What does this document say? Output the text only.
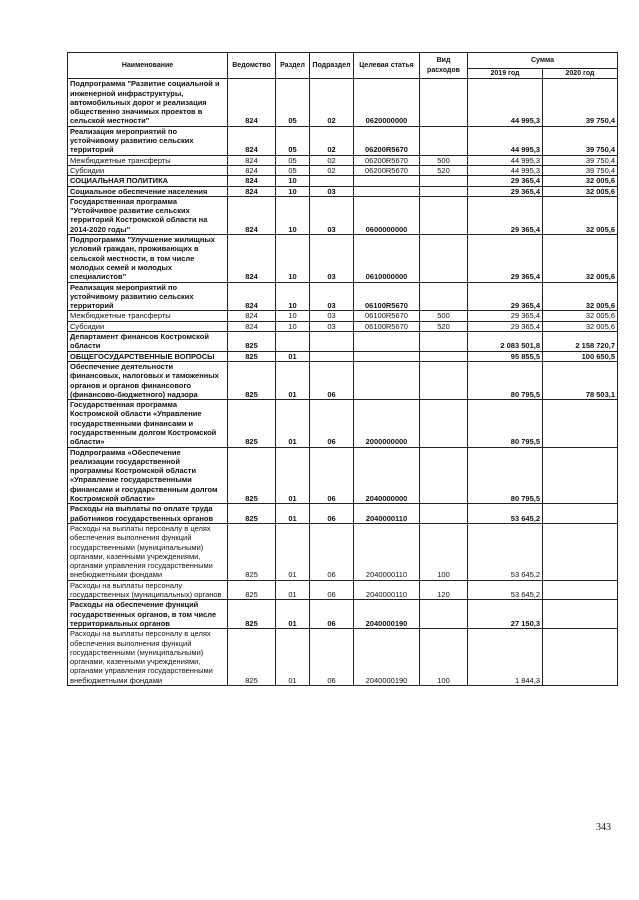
Наименование	Ведомство	Раздел	Подраздел	Целевая статья	Вид расходов	Сумма	
						2019 год	2020 год
Подпрограмма "Развитие социальной и инженерной инфраструктуры, автомобильных дорог и реализация общественно значимых проектов в сельской местности"	824	05	02	0620000000		44 995,3	39 750,4
Реализация мероприятий по устойчивому развитию сельских территорий	824	05	02	06200R5670		44 995,3	39 750,4
Межбюджетные трансферты	824	05	02	06200R5670	500	44 995,3	39 750,4
Субсидии	824	05	02	06200R5670	520	44 995,3	39 750,4
СОЦИАЛЬНАЯ ПОЛИТИКА	824	10				29 365,4	32 005,6
Социальное обеспечение населения	824	10	03			29 365,4	32 005,6
Государственная программа "Устойчивое развитие сельских территорий Костромской области на 2014-2020 годы"	824	10	03	0600000000		29 365,4	32 005,6
Подпрограмма "Улучшение жилищных условий граждан, проживающих в сельской местности, в том числе молодых семей и молодых специалистов"	824	10	03	0610000000		29 365,4	32 005,6
Реализация мероприятий по устойчивому развитию сельских территорий	824	10	03	06100R5670		29 365,4	32 005,6
Межбюджетные трансферты	824	10	03	06100R5670	500	29 365,4	32 005,6
Субсидии	824	10	03	06100R5670	520	29 365,4	32 005,6
Департамент финансов Костромской области	825					2 083 501,8	2 158 720,7
ОБЩЕГОСУДАРСТВЕННЫЕ ВОПРОСЫ	825	01				95 855,5	100 650,5
Обеспечение деятельности финансовых, налоговых и таможенных органов и органов финансового (финансово-бюджетного) надзора	825	01	06			80 795,5	78 503,1
Государственная программа Костромской области «Управление государственными финансами и государственным долгом Костромской области»	825	01	06	2000000000		80 795,5	
Подпрограмма «Обеспечение реализации государственной программы Костромской области «Управление государственными финансами и государственным долгом Костромской области»	825	01	06	2040000000		80 795,5	
Расходы на выплаты по оплате труда работников государственных органов	825	01	06	2040000110		53 645,2	
Расходы на выплаты персоналу в целях обеспечения выполнения функций государственными (муниципальными) органами, казенными учреждениями, органами управления государственными внебюджетными фондами	825	01	06	2040000110	100	53 645,2	
Расходы на выплаты персоналу государственных (муниципальных) органов	825	01	06	2040000110	120	53 645,2	
Расходы на обеспечение функций государственных органов, в том числе территориальных органов	825	01	06	2040000190		27 150,3	
Расходы на выплаты персоналу в целях обеспечения выполнения функций государственными (муниципальными) органами, казенными учреждениями, органами управления государственными внебюджетными фондами	825	01	06	2040000190	100	1 844,3	
343
